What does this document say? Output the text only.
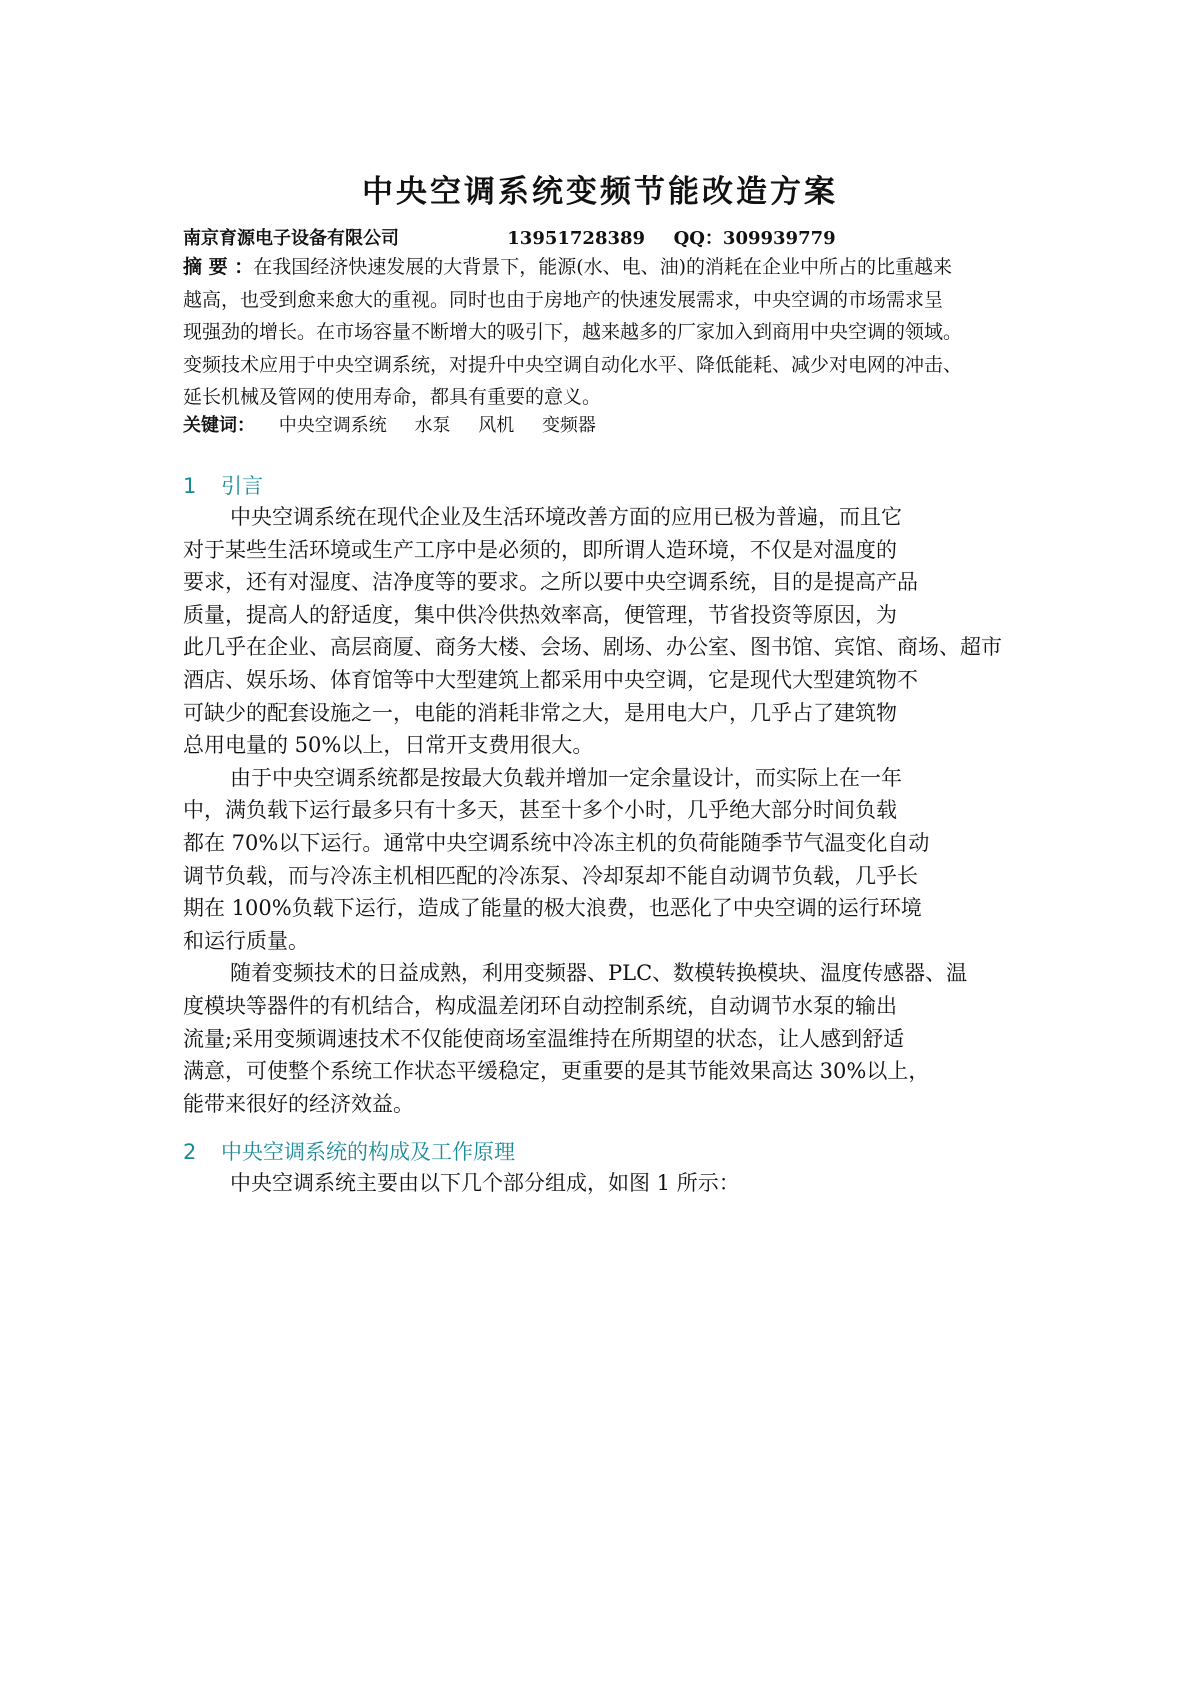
中央空调系统变频节能改造方案
南京育源电子设备有限公司	13951728389 QQ：309939779
摘 要 ：在我国经济快速发展的大背景下，能源(水、电、油)的消耗在企业中所占的比重越来
越高，也受到愈来愈大的重视。同时也由于房地产的快速发展需求，中央空调的市场需求呈
现强劲的增长。在市场容量不断增大的吸引下，越来越多的厂家加入到商用中央空调的领域。
变频技术应用于中央空调系统，对提升中央空调自动化水平、降低能耗、减少对电网的冲击、
延长机械及管网的使用寿命，都具有重要的意义。
关键词： 中央空调系统 水泵 风机 变频器
1 引言
中央空调系统在现代企业及生活环境改善方面的应用已极为普遍，而且它
对于某些生活环境或生产工序中是必须的，即所谓人造环境，不仅是对温度的
要求，还有对湿度、洁净度等的要求。之所以要中央空调系统，目的是提高产品
质量，提高人的舒适度，集中供冷供热效率高，便管理，节省投资等原因，为
此几乎在企业、高层商厦、商务大楼、会场、剧场、办公室、图书馆、宾馆、商场、超市
酒店、娱乐场、体育馆等中大型建筑上都采用中央空调，它是现代大型建筑物不
可缺少的配套设施之一，电能的消耗非常之大，是用电大户，几乎占了建筑物
总用电量的 50%以上，日常开支费用很大。
由于中央空调系统都是按最大负载并增加一定余量设计，而实际上在一年
中，满负载下运行最多只有十多天，甚至十多个小时，几乎绝大部分时间负载
都在 70%以下运行。通常中央空调系统中冷冻主机的负荷能随季节气温变化自动
调节负载，而与冷冻主机相匹配的冷冻泵、冷却泵却不能自动调节负载，几乎长
期在 100%负载下运行，造成了能量的极大浪费，也恶化了中央空调的运行环境
和运行质量。
随着变频技术的日益成熟，利用变频器、PLC、数模转换模块、温度传感器、温
度模块等器件的有机结合，构成温差闭环自动控制系统，自动调节水泵的输出
流量;采用变频调速技术不仅能使商场室温维持在所期望的状态，让人感到舒适
满意，可使整个系统工作状态平缓稳定，更重要的是其节能效果高达 30%以上，
能带来很好的经济效益。
2 中央空调系统的构成及工作原理
中央空调系统主要由以下几个部分组成，如图 1 所示：
